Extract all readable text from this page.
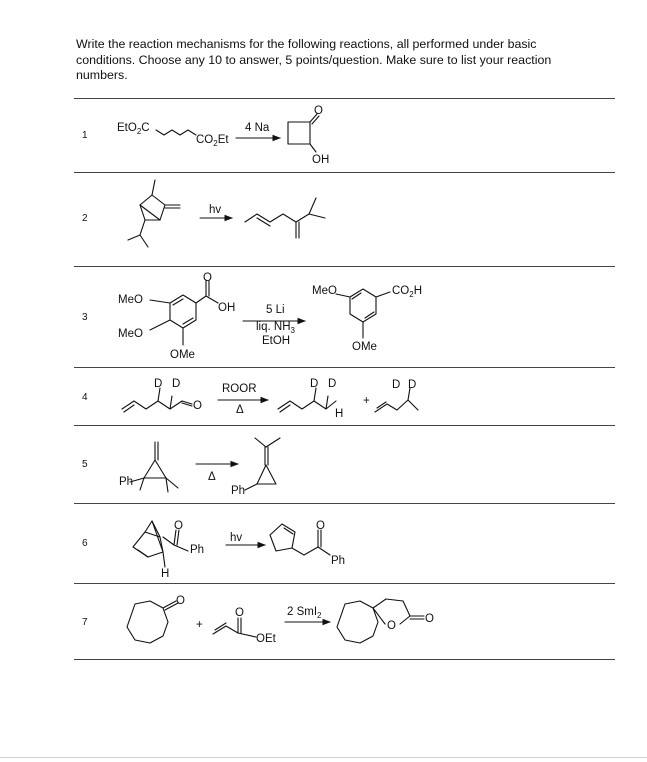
Write the reaction mechanisms for the following reactions, all performed under basic conditions. Choose any 10 to answer, 5 points/question. Make sure to list your reaction numbers.
1
2
3
4
5
6
7
EtO$_2$C
$CO_2Et$
4 Na
O
OH
hv
MeO
MeO
OMe
O
OH	5 Li
liq. $NH_3$
EtOH
MeO	$CO_2H$
OMe
D D
O
ROOR
Δ
D D
H
+
D D
Ph	Δ
Ph
O
Ph
H
hv
O
Ph
O
+
O
OEt
2 SmI$_2$
O
O
